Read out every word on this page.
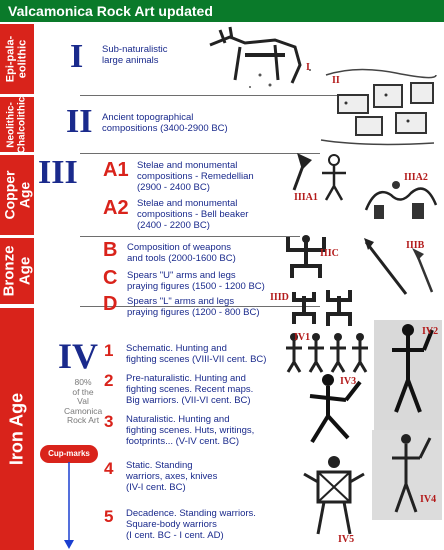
Valcamonica Rock Art updated
Epi-pala- eolithic
Neolithic- Chalcolithic
Copper
Age
Bronze
Age
Iron Age
I Sub-naturalistic
large animals
II Ancient topographical
compositions (3400-2900 BC)
III A1 Stelae and monumental
compositions - Remedellian
(2900 - 2400 BC)
A2 Stelae and monumental
compositions - Bell beaker
(2400 - 2200 BC)
B Composition of weapons
and tools (2000-1600 BC)
C Spears "U" arms and legs
praying figures (1500 - 1200 BC)
D Spears "L" arms and legs
praying figures (1200 - 800 BC)
IV
80%
of the
Val
Camonica
Rock Art
Cup-marks
1 Schematic. Hunting and
fighting scenes (VIII-VII cent. BC)
2 Pre-naturalistic. Hunting and
fighting scenes. Recent maps.
Big warriors. (VII-VI cent. BC)
3 Naturalistic. Hunting and
fighting scenes. Huts, writings,
footprints... (V-IV cent. BC)
4 Static. Standing
warriors, axes, knives
(IV-I cent. BC)
5 Decadence. Standing warriors.
Square-body warriors
(I cent. BC - I cent. AD)
I
II
IIIA1
IIIA2
IIIC
IIIB
IIID
IV1
IV2
IV3
IV4
IV5
